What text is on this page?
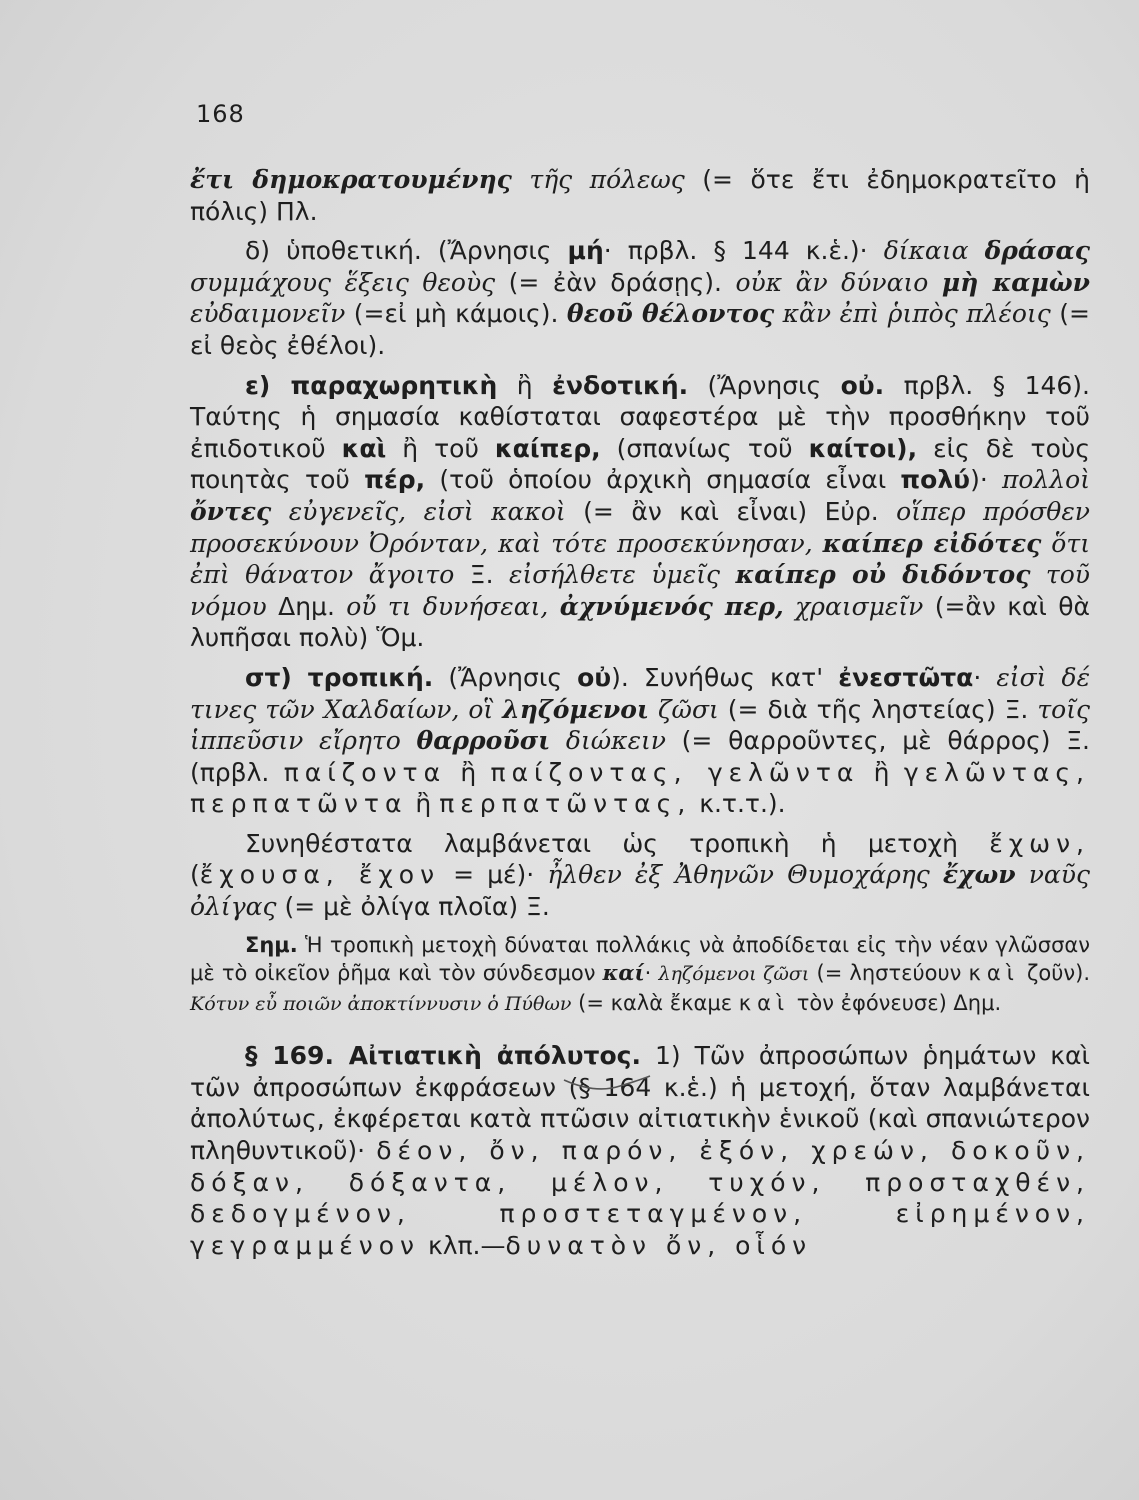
168

ἔτι δημοκρατουμένης τῆς πόλεως (= ὅτε ἔτι ἐδημοκρατεῖτο ἡ πόλις) Πλ.

δ) ὑποθετική. (Ἄρνησις μή· πρβλ. § 144 κ.ἑ.)· δίκαια δράσας συμμάχους ἕξεις θεοὺς (= ἐὰν δράσῃς). οὐκ ἂν δύναιο μὴ καμὼν εὐδαιμονεῖν (=εἰ μὴ κάμοις). θεοῦ θέλοντος κἂν ἐπὶ ῥιπὸς πλέοις (= εἰ θεὸς ἐθέλοι).

ε) παραχωρητικὴ ἢ ἐνδοτική. (Ἄρνησις οὐ. πρβλ. § 146). Ταύτης ἡ σημασία καθίσταται σαφεστέρα μὲ τὴν προσθήκην τοῦ ἐπιδοτικοῦ καὶ ἢ τοῦ καίπερ, (σπανίως τοῦ καίτοι), εἰς δὲ τοὺς ποιητὰς τοῦ πέρ, (τοῦ ὁποίου ἀρχικὴ σημασία εἶναι πολύ)· πολλοὶ ὄντες εὐγενεῖς, εἰσὶ κακοὶ (= ἂν καὶ εἶναι) Εὐρ. οἵπερ πρόσθεν προσεκύνουν Ὀρόνταν, καὶ τότε προσεκύνησαν, καίπερ εἰδότες ὅτι ἐπὶ θάνατον ἄγοιτο Ξ. εἰσήλθετε ὑμεῖς καίπερ οὐ διδόντος τοῦ νόμου Δημ. οὔ τι δυνήσεαι, ἀχνύμενός περ, χραισμεῖν (=ἂν καὶ θὰ λυπῆσαι πολὺ) Ὅμ.

στ) τροπική. (Ἄρνησις οὐ). Συνήθως κατ' ἐνεστῶτα· εἰσὶ δέ τινες τῶν Χαλδαίων, οἳ ληζόμενοι ζῶσι (= διὰ τῆς ληστείας) Ξ. τοῖς ἱππεῦσιν εἴρητο θαρροῦσι διώκειν (= θαρροῦντες, μὲ θάρρος) Ξ. (πρβλ. παίζοντα ἢ παίζοντας, γελῶντα ἢ γελῶντας, περπατῶντα ἢ περπατῶντας, κ.τ.τ.).

Συνηθέστατα λαμβάνεται ὡς τροπικὴ ἡ μετοχὴ ἔχων, (ἔχουσα, ἔχον = μέ)· ἦλθεν ἐξ Ἀθηνῶν Θυμοχάρης ἔχων ναῦς ὀλίγας (= μὲ ὀλίγα πλοῖα) Ξ.

Σημ. Ἡ τροπικὴ μετοχὴ δύναται πολλάκις νὰ ἀποδίδεται εἰς τὴν νέαν γλῶσσαν μὲ τὸ οἰκεῖον ῥῆμα καὶ τὸν σύνδεσμον καί· ληζόμενοι ζῶσι (= ληστεύουν καὶ ζοῦν). Κότυν εὖ ποιῶν ἀποκτίννυσιν ὁ Πύθων (= καλὰ ἔκαμε καὶ τὸν ἐφόνευσε) Δημ.

§ 169. Αἰτιατικὴ ἀπόλυτος. 1) Τῶν ἀπροσώπων ῥημάτων καὶ τῶν ἀπροσώπων ἐκφράσεων (§ 164 κ.ἑ.) ἡ μετοχή, ὅταν λαμβάνεται ἀπολύτως, ἐκφέρεται κατὰ πτῶσιν αἰτιατικὴν ἑνικοῦ (καὶ σπανιώτερον πληθυντικοῦ)· δέον, ὄν, παρόν, ἐξόν, χρεών, δοκοῦν, δόξαν, δόξαντα, μέλον, τυχόν, προσταχθέν, δεδογμένον, προστεταγμένον, εἰρημένον, γεγραμμένον κλπ.—δυνατὸν ὄν, οἷόν
